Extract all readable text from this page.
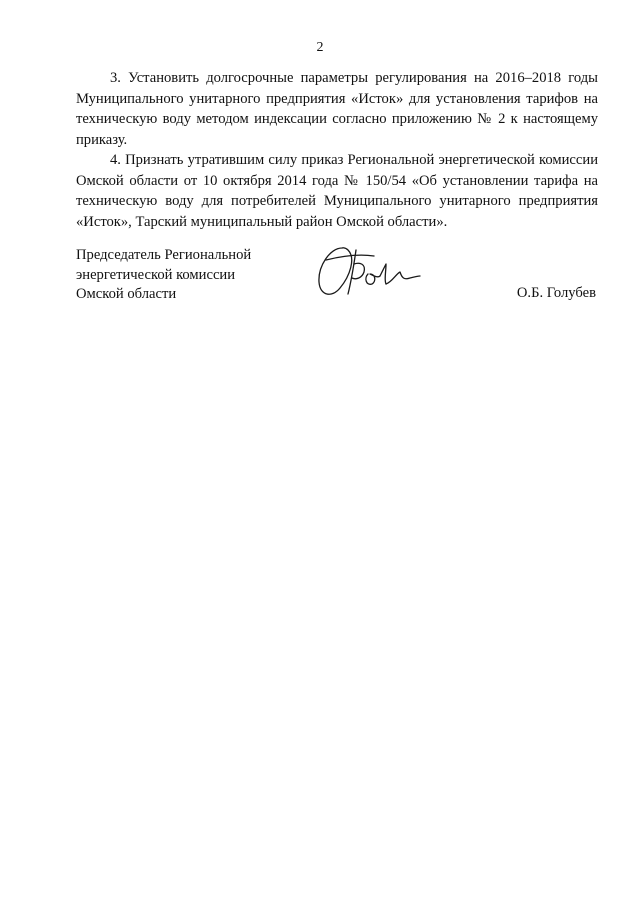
2

3. Установить долгосрочные параметры регулирования на 2016–2018 годы Муниципального унитарного предприятия «Исток» для установления тарифов на техническую воду методом индексации согласно приложению № 2 к настоящему приказу.

4. Признать утратившим силу приказ Региональной энергетической комиссии Омской области от 10 октября 2014 года № 150/54 «Об установлении тарифа на техническую воду для потребителей Муниципального унитарного предприятия «Исток», Тарский муниципальный район Омской области».

Председатель Региональной
энергетической комиссии
Омской области	О.Б. Голубев
